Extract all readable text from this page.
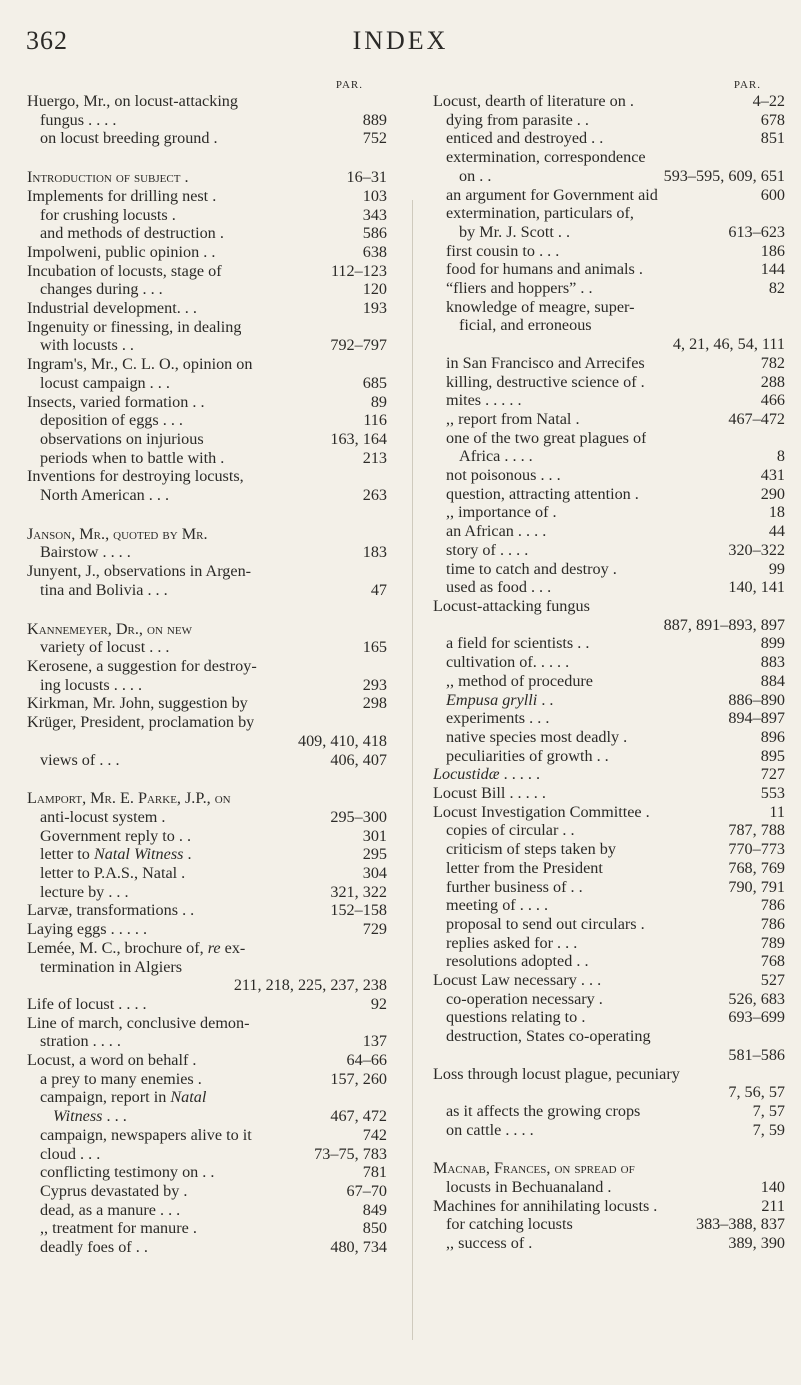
362	INDEX
PAR.
Huergo, Mr., on locust-attacking
fungus . . . .	889
on locust breeding ground .	752
Introduction of subject .	16–31
Implements for drilling nest .	103
for crushing locusts .	343
and methods of destruction .	586
Impolweni, public opinion . .	638
Incubation of locusts, stage of	112–123
changes during . . .	120
Industrial development. . .	193
Ingenuity or finessing, in dealing
with locusts . .	792–797
Ingram's, Mr., C. L. O., opinion on
locust campaign . . .	685
Insects, varied formation . .	89
deposition of eggs . . .	116
observations on injurious	163, 164
periods when to battle with .	213
Inventions for destroying locusts,
North American . . .	263
Janson, Mr., quoted by Mr.
Bairstow . . . .	183
Junyent, J., observations in Argen-
tina and Bolivia . . .	47
Kannemeyer, Dr., on new
variety of locust . . .	165
Kerosene, a suggestion for destroy-
ing locusts . . . .	293
Kirkman, Mr. John, suggestion by	298
Krüger, President, proclamation by
409, 410, 418
views of . . .	406, 407
Lamport, Mr. E. Parke, J.P., on
anti-locust system .	295–300
Government reply to . .	301
letter to Natal Witness .	295
letter to P.A.S., Natal .	304
lecture by . . .	321, 322
Larvæ, transformations . .	152–158
Laying eggs . . . . .	729
Lemée, M. C., brochure of, re ex-
termination in Algiers
211, 218, 225, 237, 238
Life of locust . . . .	92
Line of march, conclusive demon-
stration . . . .	137
Locust, a word on behalf .	64–66
a prey to many enemies .	157, 260
campaign, report in Natal
Witness . . .	467, 472
campaign, newspapers alive to it	742
cloud . . .	73–75, 783
conflicting testimony on . .	781
Cyprus devastated by .	67–70
dead, as a manure . . .	849
,, treatment for manure .	850
deadly foes of . .	480, 734
PAR.
Locust, dearth of literature on .	4–22
dying from parasite . .	678
enticed and destroyed . .	851
extermination, correspondence
on . .	593–595, 609, 651
an argument for Government aid	600
extermination, particulars of,
by Mr. J. Scott . .	613–623
first cousin to . . .	186
food for humans and animals .	144
“fliers and hoppers” . .	82
knowledge of meagre, super-
ficial, and erroneous
4, 21, 46, 54, 111
in San Francisco and Arrecifes	782
killing, destructive science of .	288
mites . . . . .	466
,, report from Natal .	467–472
one of the two great plagues of
Africa . . . .	8
not poisonous . . .	431
question, attracting attention .	290
,, importance of .	18
an African . . . .	44
story of . . . .	320–322
time to catch and destroy .	99
used as food . . .	140, 141
Locust-attacking fungus
887, 891–893, 897
a field for scientists . .	899
cultivation of. . . . .	883
,, method of procedure	884
Empusa grylli . .	886–890
experiments . . .	894–897
native species most deadly .	896
peculiarities of growth . .	895
Locustidæ . . . . .	727
Locust Bill . . . . .	553
Locust Investigation Committee .	11
copies of circular . .	787, 788
criticism of steps taken by	770–773
letter from the President	768, 769
further business of . .	790, 791
meeting of . . . .	786
proposal to send out circulars .	786
replies asked for . . .	789
resolutions adopted . .	768
Locust Law necessary . . .	527
co-operation necessary .	526, 683
questions relating to .	693–699
destruction, States co-operating
581–586
Loss through locust plague, pecuniary
7, 56, 57
as it affects the growing crops	7, 57
on cattle . . . .	7, 59
Macnab, Frances, on spread of
locusts in Bechuanaland .	140
Machines for annihilating locusts .	211
for catching locusts	383–388, 837
,, success of .	389, 390
